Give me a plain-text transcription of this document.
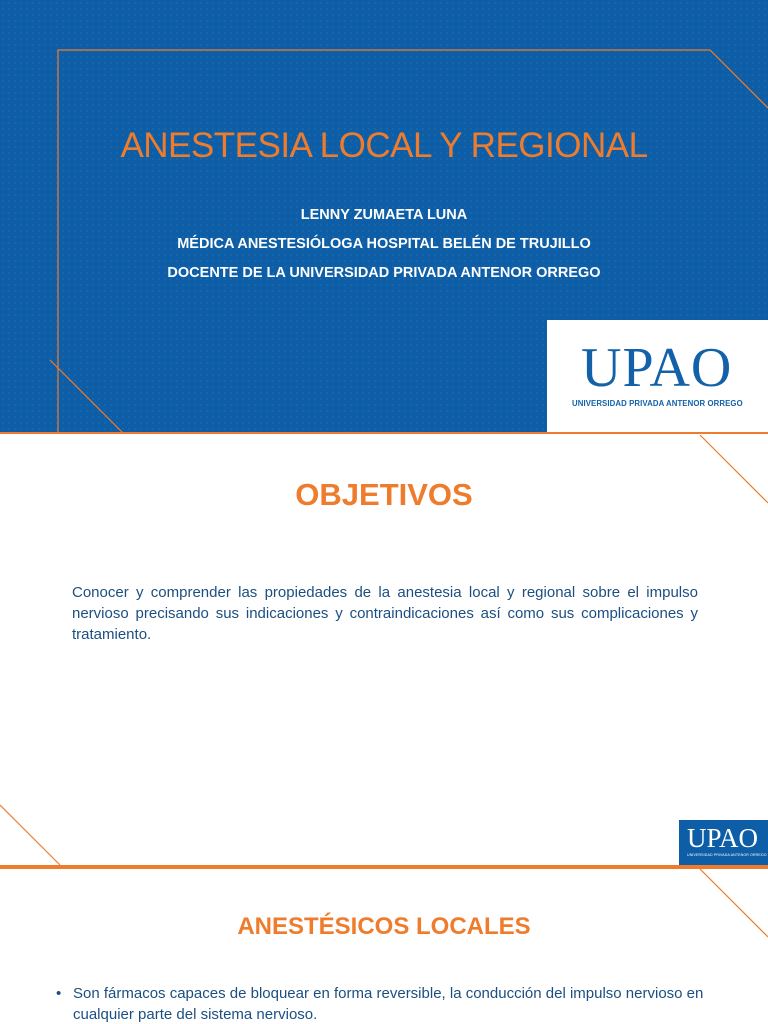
ANESTESIA LOCAL Y REGIONAL
LENNY ZUMAETA LUNA
MÉDICA ANESTESIÓLOGA HOSPITAL BELÉN DE TRUJILLO
DOCENTE DE LA UNIVERSIDAD PRIVADA ANTENOR ORREGO
UPAO
UNIVERSIDAD PRIVADA ANTENOR ORREGO
OBJETIVOS
Conocer y comprender las propiedades de la anestesia local y regional sobre el impulso nervioso precisando sus indicaciones y contraindicaciones así como sus complicaciones y tratamiento.
UPAO
UNIVERSIDAD PRIVADA ANTENOR ORREGO
ANESTÉSICOS LOCALES
• Son fármacos capaces de bloquear en forma reversible, la conducción del impulso nervioso en cualquier parte del sistema nervioso.
